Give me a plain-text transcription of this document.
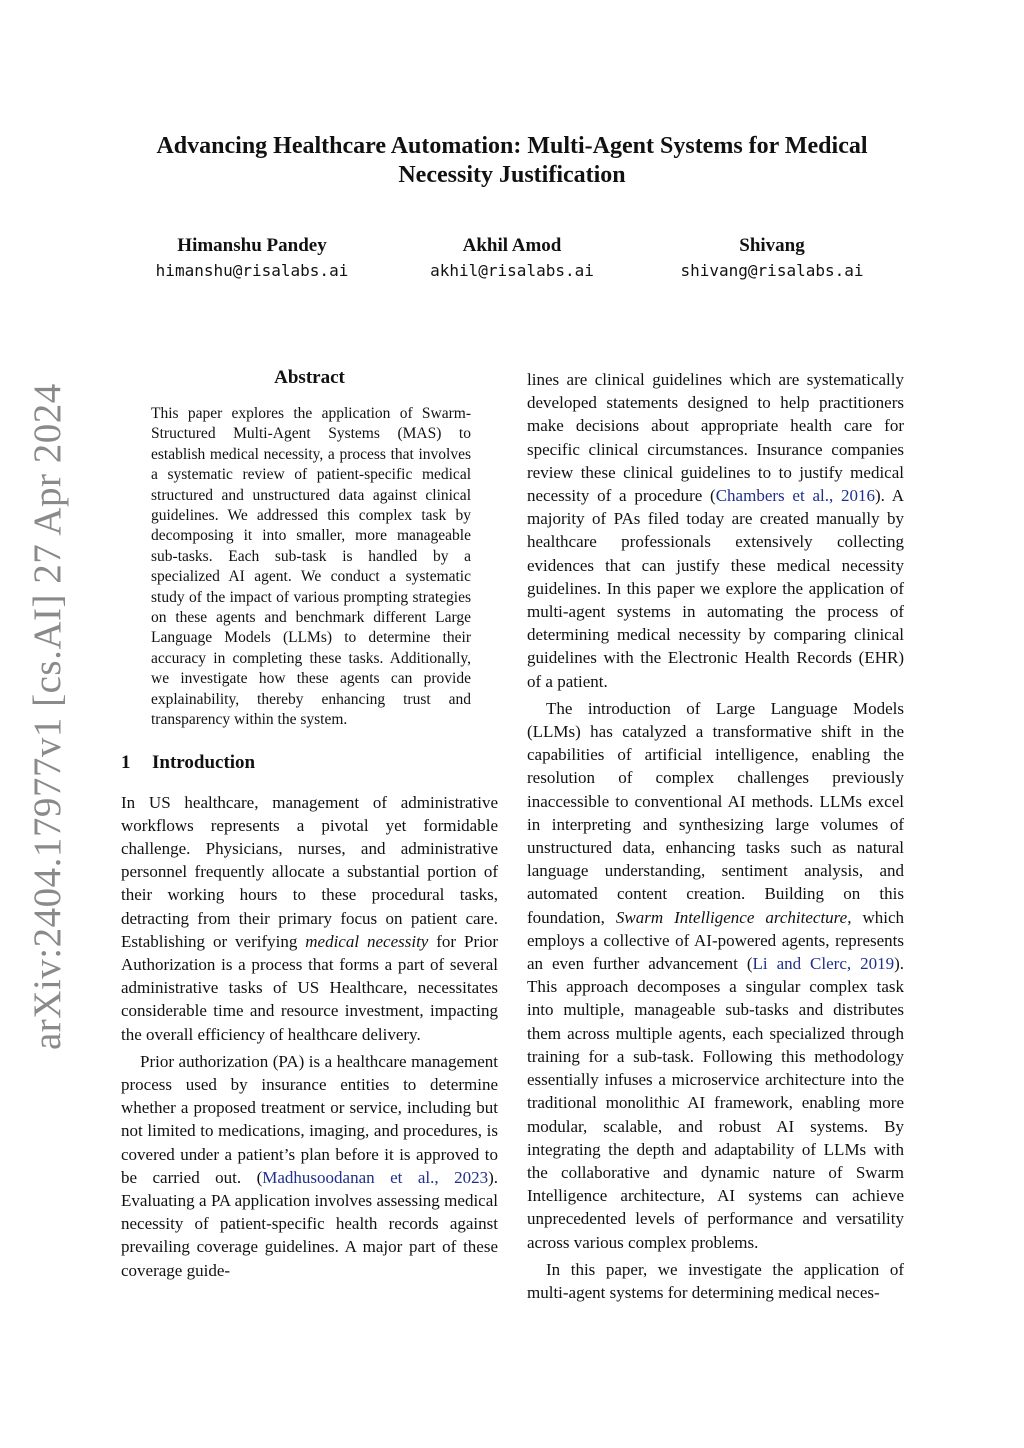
arXiv:2404.17977v1 [cs.AI] 27 Apr 2024
Advancing Healthcare Automation: Multi-Agent Systems for Medical Necessity Justification
Himanshu Pandey
himanshu@risalabs.ai
Akhil Amod
akhil@risalabs.ai
Shivang
shivang@risalabs.ai
Abstract

This paper explores the application of Swarm-Structured Multi-Agent Systems (MAS) to establish medical necessity, a process that involves a systematic review of patient-specific medical structured and unstructured data against clinical guidelines. We addressed this complex task by decomposing it into smaller, more manageable sub-tasks. Each sub-task is handled by a specialized AI agent. We conduct a systematic study of the impact of various prompting strategies on these agents and benchmark different Large Language Models (LLMs) to determine their accuracy in completing these tasks. Additionally, we investigate how these agents can provide explainability, thereby enhancing trust and transparency within the system.

1 Introduction

In US healthcare, management of administrative workflows represents a pivotal yet formidable challenge. Physicians, nurses, and administrative personnel frequently allocate a substantial portion of their working hours to these procedural tasks, detracting from their primary focus on patient care. Establishing or verifying medical necessity for Prior Authorization is a process that forms a part of several administrative tasks of US Healthcare, necessitates considerable time and resource investment, impacting the overall efficiency of healthcare delivery.

Prior authorization (PA) is a healthcare management process used by insurance entities to determine whether a proposed treatment or service, including but not limited to medications, imaging, and procedures, is covered under a patient’s plan before it is approved to be carried out. (Madhusoodanan et al., 2023). Evaluating a PA application involves assessing medical necessity of patient-specific health records against prevailing coverage guidelines. A major part of these coverage guide-

lines are clinical guidelines which are systematically developed statements designed to help practitioners make decisions about appropriate health care for specific clinical circumstances. Insurance companies review these clinical guidelines to to justify medical necessity of a procedure (Chambers et al., 2016). A majority of PAs filed today are created manually by healthcare professionals extensively collecting evidences that can justify these medical necessity guidelines. In this paper we explore the application of multi-agent systems in automating the process of determining medical necessity by comparing clinical guidelines with the Electronic Health Records (EHR) of a patient.

The introduction of Large Language Models (LLMs) has catalyzed a transformative shift in the capabilities of artificial intelligence, enabling the resolution of complex challenges previously inaccessible to conventional AI methods. LLMs excel in interpreting and synthesizing large volumes of unstructured data, enhancing tasks such as natural language understanding, sentiment analysis, and automated content creation. Building on this foundation, Swarm Intelligence architecture, which employs a collective of AI-powered agents, represents an even further advancement (Li and Clerc, 2019). This approach decomposes a singular complex task into multiple, manageable sub-tasks and distributes them across multiple agents, each specialized through training for a sub-task. Following this methodology essentially infuses a microservice architecture into the traditional monolithic AI framework, enabling more modular, scalable, and robust AI systems. By integrating the depth and adaptability of LLMs with the collaborative and dynamic nature of Swarm Intelligence architecture, AI systems can achieve unprecedented levels of performance and versatility across various complex problems.

In this paper, we investigate the application of multi-agent systems for determining medical neces-
